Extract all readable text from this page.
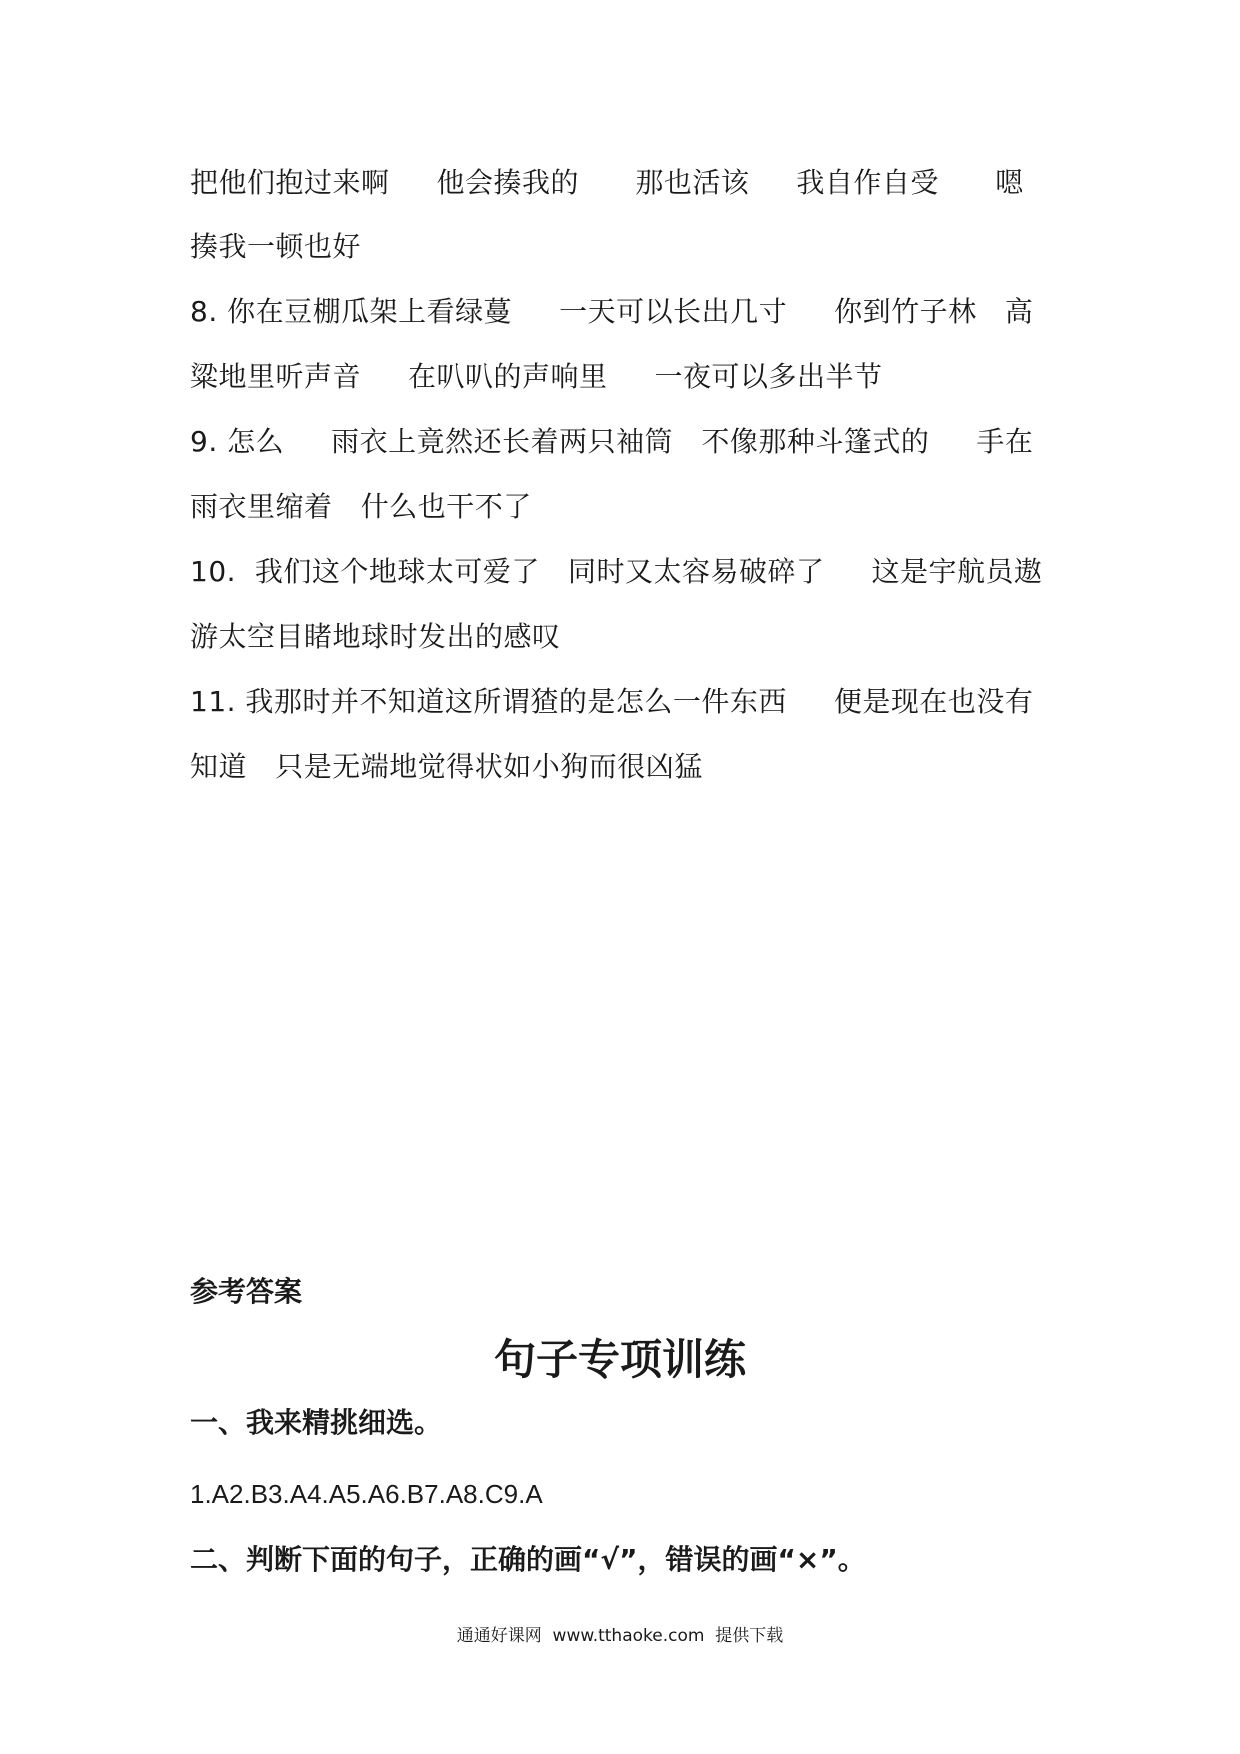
把他们抱过来啊     他会揍我的      那也活该     我自作自受      嗯
揍我一顿也好
8. 你在豆棚瓜架上看绿蔓     一天可以长出几寸     你到竹子林   高
粱地里听声音     在叭叭的声响里     一夜可以多出半节
9. 怎么     雨衣上竟然还长着两只袖筒   不像那种斗篷式的     手在
雨衣里缩着   什么也干不了
10.  我们这个地球太可爱了   同时又太容易破碎了     这是宇航员遨
游太空目睹地球时发出的感叹
11. 我那时并不知道这所谓猹的是怎么一件东西     便是现在也没有
知道   只是无端地觉得状如小狗而很凶猛
参考答案
句子专项训练
一、我来精挑细选。
1.A2.B3.A4.A5.A6.B7.A8.C9.A
二、判断下面的句子，正确的画“√”，错误的画“×”。
通通好课网  www.tthaoke.com  提供下载
